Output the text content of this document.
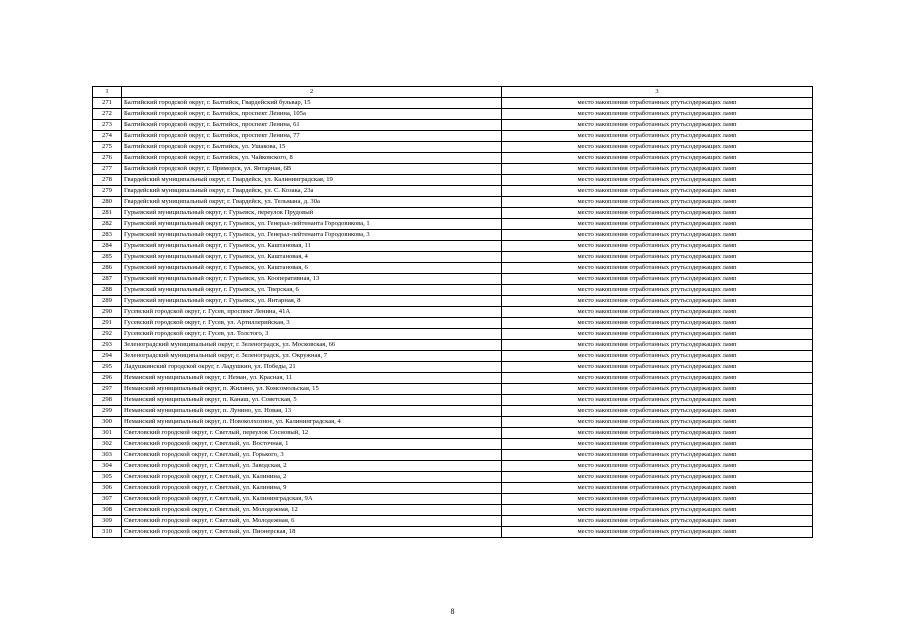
1	2	3
271	Балтийский городской округ, г. Балтийск, Гвардейский бульвар, 15	место накопления отработанных ртутьсодержащих ламп
272	Балтийский городской округ, г. Балтийск, проспект Ленина, 105а	место накопления отработанных ртутьсодержащих ламп
273	Балтийский городской округ, г. Балтийск, проспект Ленина, 61	место накопления отработанных ртутьсодержащих ламп
274	Балтийский городской округ, г. Балтийск, проспект Ленина, 77	место накопления отработанных ртутьсодержащих ламп
275	Балтийский городской округ, г. Балтийск, ул. Ушакова, 15	место накопления отработанных ртутьсодержащих ламп
276	Балтийский городской округ, г. Балтийск, ул. Чайковского, 8	место накопления отработанных ртутьсодержащих ламп
277	Балтийский городской округ, г. Приморск, ул. Янтарная, 6В	место накопления отработанных ртутьсодержащих ламп
278	Гвардейский муниципальный округ, г. Гвардейск, ул. Калининградская, 19	место накопления отработанных ртутьсодержащих ламп
279	Гвардейский муниципальный округ, г. Гвардейск, ул. С. Козака, 23а	место накопления отработанных ртутьсодержащих ламп
280	Гвардейский муниципальный округ, г. Гвардейск, ул. Тельмана, д. 30а	место накопления отработанных ртутьсодержащих ламп
281	Гурьевский муниципальный округ, г. Гурьевск, переулок Прудовый	место накопления отработанных ртутьсодержащих ламп
282	Гурьевский муниципальный округ, г. Гурьевск, ул. Генерал-лейтенанта Городовикова, 1	место накопления отработанных ртутьсодержащих ламп
283	Гурьевский муниципальный округ, г. Гурьевск, ул. Генерал-лейтенанта Городовикова, 3	место накопления отработанных ртутьсодержащих ламп
284	Гурьевский муниципальный округ, г. Гурьевск, ул. Каштановая, 11	место накопления отработанных ртутьсодержащих ламп
285	Гурьевский муниципальный округ, г. Гурьевск, ул. Каштановая, 4	место накопления отработанных ртутьсодержащих ламп
286	Гурьевский муниципальный округ, г. Гурьевск, ул. Каштановая, 6	место накопления отработанных ртутьсодержащих ламп
287	Гурьевский муниципальный округ, г. Гурьевск, ул. Кооперативная, 13	место накопления отработанных ртутьсодержащих ламп
288	Гурьевский муниципальный округ, г. Гурьевск, ул. Тверская, 6	место накопления отработанных ртутьсодержащих ламп
289	Гурьевский муниципальный округ, г. Гурьевск, ул. Янтарная, 8	место накопления отработанных ртутьсодержащих ламп
290	Гусевский городской округ, г. Гусев, проспект Ленина, 41А	место накопления отработанных ртутьсодержащих ламп
291	Гусевский городской округ, г. Гусев, ул. Артиллерийская, 3	место накопления отработанных ртутьсодержащих ламп
292	Гусевский городской округ, г. Гусев, ул. Толстого, 3	место накопления отработанных ртутьсодержащих ламп
293	Зеленоградский муниципальный округ, г. Зеленоградск, ул. Московская, 66	место накопления отработанных ртутьсодержащих ламп
294	Зеленоградский муниципальный округ, г. Зеленоградск, ул. Окружная, 7	место накопления отработанных ртутьсодержащих ламп
295	Ладушкинский городской округ, г. Ладушкин, ул. Победы, 21	место накопления отработанных ртутьсодержащих ламп
296	Неманский муниципальный округ, г. Неман, ул. Красная, 11	место накопления отработанных ртутьсодержащих ламп
297	Неманский муниципальный округ, п. Жилино, ул. Комсомольская, 15	место накопления отработанных ртутьсодержащих ламп
298	Неманский муниципальный округ, п. Канаш, ул. Советская, 5	место накопления отработанных ртутьсодержащих ламп
299	Неманский муниципальный округ, п. Лунино, ул. Новая, 13	место накопления отработанных ртутьсодержащих ламп
300	Неманский муниципальный округ, п. Новоколхозное, ул. Калининградская, 4	место накопления отработанных ртутьсодержащих ламп
301	Светловский городской округ, г. Светлый, переулок Сосновый, 12	место накопления отработанных ртутьсодержащих ламп
302	Светловский городской округ, г. Светлый, ул. Восточная, 1	место накопления отработанных ртутьсодержащих ламп
303	Светловский городской округ, г. Светлый, ул. Горького, 3	место накопления отработанных ртутьсодержащих ламп
304	Светловский городской округ, г. Светлый, ул. Заводская, 2	место накопления отработанных ртутьсодержащих ламп
305	Светловский городской округ, г. Светлый, ул. Калинина, 2	место накопления отработанных ртутьсодержащих ламп
306	Светловский городской округ, г. Светлый, ул. Калинина, 9	место накопления отработанных ртутьсодержащих ламп
307	Светловский городской округ, г. Светлый, ул. Калининградская, 9А	место накопления отработанных ртутьсодержащих ламп
308	Светловский городской округ, г. Светлый, ул. Молодежная, 12	место накопления отработанных ртутьсодержащих ламп
309	Светловский городской округ, г. Светлый, ул. Молодежная, 6	место накопления отработанных ртутьсодержащих ламп
310	Светловский городской округ, г. Светлый, ул. Пионерская, 18	место накопления отработанных ртутьсодержащих ламп
8
